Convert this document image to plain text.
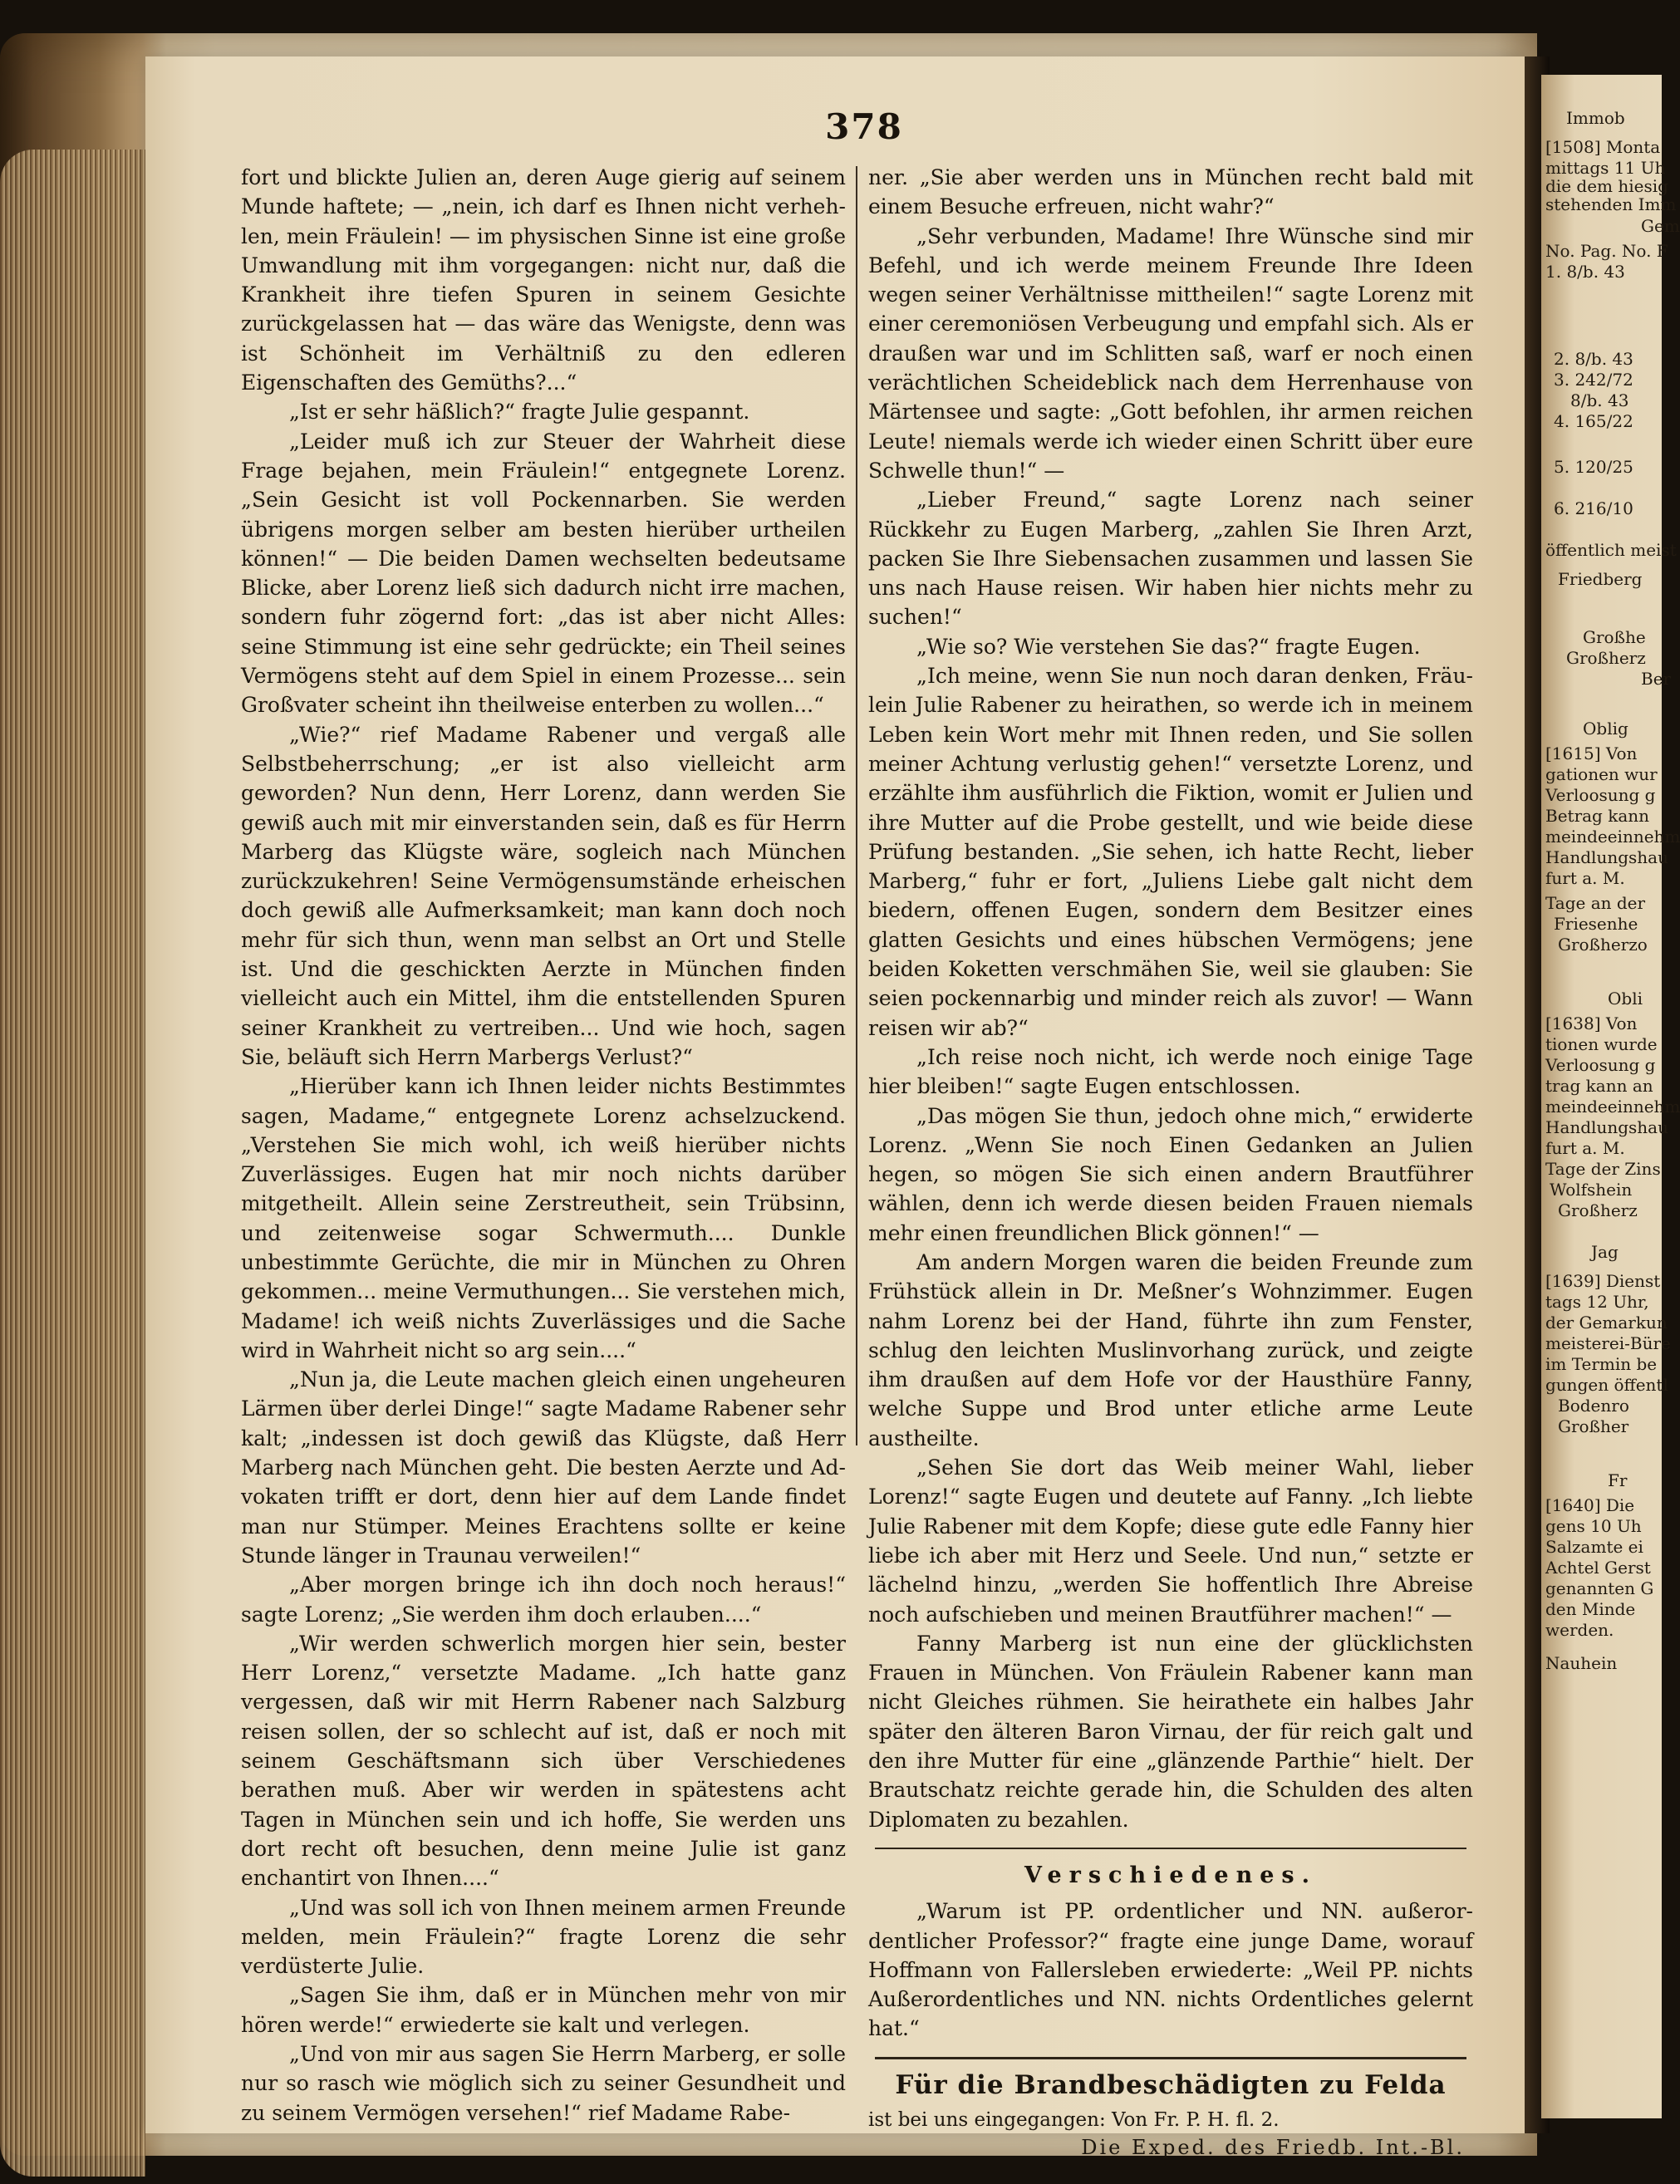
378

fort und blickte Julien an, deren Auge gierig auf seinem Munde haftete; — „nein, ich darf es Ihnen nicht verhehlen, mein Fräulein! — im physischen Sinne ist eine große Umwandlung mit ihm vorgegangen: nicht nur, daß die Krankheit ihre tiefen Spuren in seinem Gesichte zurückgelassen hat — das wäre das Wenigste, denn was ist Schönheit im Verhältniß zu den edleren Eigenschaften des Gemüths?...“

„Ist er sehr häßlich?“ fragte Julie gespannt.

„Leider muß ich zur Steuer der Wahrheit diese Frage bejahen, mein Fräulein!“ entgegnete Lorenz. „Sein Gesicht ist voll Pockennarben. Sie werden übrigens morgen selber am besten hierüber urtheilen können!“ — Die beiden Damen wechselten bedeutsame Blicke, aber Lorenz ließ sich dadurch nicht irre machen, sondern fuhr zögernd fort: „das ist aber nicht Alles: seine Stimmung ist eine sehr gedrückte; ein Theil seines Vermögens steht auf dem Spiel in einem Prozesse... sein Großvater scheint ihn theilweise enterben zu wollen...“

„Wie?“ rief Madame Rabener und vergaß alle Selbstbeherrschung; „er ist also vielleicht arm geworden? Nun denn, Herr Lorenz, dann werden Sie gewiß auch mit mir einverstanden sein, daß es für Herrn Marberg das Klügste wäre, sogleich nach München zurückzukehren! Seine Vermögensumstände erheischen doch gewiß alle Aufmerksamkeit; man kann doch noch mehr für sich thun, wenn man selbst an Ort und Stelle ist. Und die geschickten Aerzte in München finden vielleicht auch ein Mittel, ihm die entstellenden Spuren seiner Krankheit zu vertreiben... Und wie hoch, sagen Sie, beläuft sich Herrn Marbergs Verlust?“

„Hierüber kann ich Ihnen leider nichts Bestimmtes sagen, Madame,“ entgegnete Lorenz achselzuckend. „Verstehen Sie mich wohl, ich weiß hierüber nichts Zuverlässiges. Eugen hat mir noch nichts darüber mitgetheilt. Allein seine Zerstreutheit, sein Trübsinn, und zeitenweise sogar Schwermuth.... Dunkle unbestimmte Gerüchte, die mir in München zu Ohren gekommen... meine Vermuthungen... Sie verstehen mich, Madame! ich weiß nichts Zuverlässiges und die Sache wird in Wahrheit nicht so arg sein....“

„Nun ja, die Leute machen gleich einen ungeheuren Lärmen über derlei Dinge!“ sagte Madame Rabener sehr kalt; „indessen ist doch gewiß das Klügste, daß Herr Marberg nach München geht. Die besten Aerzte und Advokaten trifft er dort, denn hier auf dem Lande findet man nur Stümper. Meines Erachtens sollte er keine Stunde länger in Traunau verweilen!“

„Aber morgen bringe ich ihn doch noch heraus!“ sagte Lorenz; „Sie werden ihm doch erlauben....“

„Wir werden schwerlich morgen hier sein, bester Herr Lorenz,“ versetzte Madame. „Ich hatte ganz vergessen, daß wir mit Herrn Rabener nach Salzburg reisen sollen, der so schlecht auf ist, daß er noch mit seinem Geschäftsmann sich über Verschiedenes berathen muß. Aber wir werden in spätestens acht Tagen in München sein und ich hoffe, Sie werden uns dort recht oft besuchen, denn meine Julie ist ganz enchantirt von Ihnen....“

„Und was soll ich von Ihnen meinem armen Freunde melden, mein Fräulein?“ fragte Lorenz die sehr verdüsterte Julie.

„Sagen Sie ihm, daß er in München mehr von mir hören werde!“ erwiederte sie kalt und verlegen.

„Und von mir aus sagen Sie Herrn Marberg, er solle nur so rasch wie möglich sich zu seiner Gesundheit und zu seinem Vermögen versehen!“ rief Madame Rabe-

ner. „Sie aber werden uns in München recht bald mit einem Besuche erfreuen, nicht wahr?“

„Sehr verbunden, Madame! Ihre Wünsche sind mir Befehl, und ich werde meinem Freunde Ihre Ideen wegen seiner Verhältnisse mittheilen!“ sagte Lorenz mit einer ceremoniösen Verbeugung und empfahl sich. Als er draußen war und im Schlitten saß, warf er noch einen verächtlichen Scheideblick nach dem Herrenhause von Märtensee und sagte: „Gott befohlen, ihr armen reichen Leute! niemals werde ich wieder einen Schritt über eure Schwelle thun!“ —

„Lieber Freund,“ sagte Lorenz nach seiner Rückkehr zu Eugen Marberg, „zahlen Sie Ihren Arzt, packen Sie Ihre Siebensachen zusammen und lassen Sie uns nach Hause reisen. Wir haben hier nichts mehr zu suchen!“

„Wie so? Wie verstehen Sie das?“ fragte Eugen.

„Ich meine, wenn Sie nun noch daran denken, Fräulein Julie Rabener zu heirathen, so werde ich in meinem Leben kein Wort mehr mit Ihnen reden, und Sie sollen meiner Achtung verlustig gehen!“ versetzte Lorenz, und erzählte ihm ausführlich die Fiktion, womit er Julien und ihre Mutter auf die Probe gestellt, und wie beide diese Prüfung bestanden. „Sie sehen, ich hatte Recht, lieber Marberg,“ fuhr er fort, „Juliens Liebe galt nicht dem biedern, offenen Eugen, sondern dem Besitzer eines glatten Gesichts und eines hübschen Vermögens; jene beiden Koketten verschmähen Sie, weil sie glauben: Sie seien pockennarbig und minder reich als zuvor! — Wann reisen wir ab?“

„Ich reise noch nicht, ich werde noch einige Tage hier bleiben!“ sagte Eugen entschlossen.

„Das mögen Sie thun, jedoch ohne mich,“ erwiderte Lorenz. „Wenn Sie noch Einen Gedanken an Julien hegen, so mögen Sie sich einen andern Brautführer wählen, denn ich werde diesen beiden Frauen niemals mehr einen freundlichen Blick gönnen!“ —

Am andern Morgen waren die beiden Freunde zum Frühstück allein in Dr. Meßner’s Wohnzimmer. Eugen nahm Lorenz bei der Hand, führte ihn zum Fenster, schlug den leichten Muslinvorhang zurück, und zeigte ihm draußen auf dem Hofe vor der Hausthüre Fanny, welche Suppe und Brod unter etliche arme Leute austheilte.

„Sehen Sie dort das Weib meiner Wahl, lieber Lorenz!“ sagte Eugen und deutete auf Fanny. „Ich liebte Julie Rabener mit dem Kopfe; diese gute edle Fanny hier liebe ich aber mit Herz und Seele. Und nun,“ setzte er lächelnd hinzu, „werden Sie hoffentlich Ihre Abreise noch aufschieben und meinen Brautführer machen!“ —

Fanny Marberg ist nun eine der glücklichsten Frauen in München. Von Fräulein Rabener kann man nicht Gleiches rühmen. Sie heirathete ein halbes Jahr später den älteren Baron Virnau, der für reich galt und den ihre Mutter für eine „glänzende Parthie“ hielt. Der Brautschatz reichte gerade hin, die Schulden des alten Diplomaten zu bezahlen.

Verschiedenes.

„Warum ist PP. ordentlicher und NN. außerordentlicher Professor?“ fragte eine junge Dame, worauf Hoffmann von Fallersleben erwiederte: „Weil PP. nichts Außerordentliches und NN. nichts Ordentliches gelernt hat.“

Für die Brandbeschädigten zu Felda

ist bei uns eingegangen: Von Fr. P. H. fl. 2.

Die Exped. des Friedb. Int.-Bl.
Immob
[1508] Monta
mittags 11 Uh
die dem hiesig
stehenden Imm
Gem
No. Pag. No. F
1. 8/b. 43
2. 8/b. 43
3. 242/72
8/b. 43
4. 165/22
5. 120/25
6. 216/10
öffentlich meist
Friedberg
Großhe
Großherz
Ber
Oblig
[1615] Von
gationen wur
Verloosung g
Betrag kann
meindeeinnehm
Handlungshau
furt a. M.
Tage an der
Friesenhe
Großherzo
Obli
[1638] Von
tionen wurde
Verloosung g
trag kann an
meindeeinnehm
Handlungshau
furt a. M.
Tage der Zins
Wolfshein
Großherz
Jag
[1639] Dienst
tags 12 Uhr,
der Gemarkun
meisterei-Büre
im Termin be
gungen öffentl
Bodenro
Großher
Fr
[1640] Die
gens 10 Uh
Salzamte ei
Achtel Gerst
genannten G
den Minde
werden.
Nauhein
